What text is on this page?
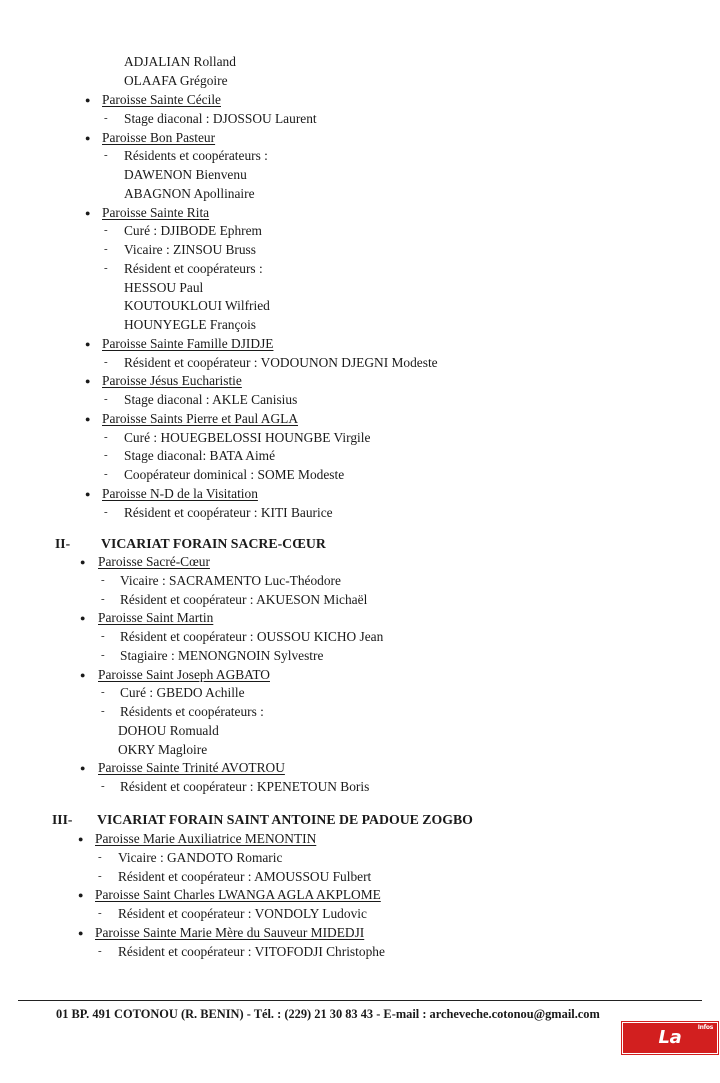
01 BP. 491 COTONOU (R. BENIN) - Tél. : (229) 21 30 83 43 - E-mail : archeveche.cotonou@gmail.com
La Tempête
Infos
ADJALIAN Rolland
OLAAFA Grégoire
● Paroisse Sainte Cécile
- Stage diaconal : DJOSSOU Laurent
● Paroisse Bon Pasteur
- Résidents et coopérateurs :
DAWENON Bienvenu
ABAGNON Apollinaire
● Paroisse Sainte Rita
- Curé : DJIBODE Ephrem
- Vicaire : ZINSOU Bruss
- Résident et coopérateurs :
HESSOU Paul
KOUTOUKLOUI Wilfried
HOUNYEGLE François
● Paroisse Sainte Famille DJIDJE
- Résident et coopérateur : VODOUNON DJEGNI Modeste
● Paroisse Jésus Eucharistie
- Stage diaconal : AKLE Canisius
● Paroisse Saints Pierre et Paul AGLA
- Curé : HOUEGBELOSSI HOUNGBE Virgile
- Stage diaconal: BATA Aimé
- Coopérateur dominical : SOME Modeste
● Paroisse N-D de la Visitation
- Résident et coopérateur : KITI Baurice
II- VICARIAT FORAIN SACRE-CŒUR
● Paroisse Sacré-Cœur
- Vicaire : SACRAMENTO Luc-Théodore
- Résident et coopérateur : AKUESON Michaël
● Paroisse Saint Martin
- Résident et coopérateur : OUSSOU KICHO Jean
- Stagiaire : MENONGNOIN Sylvestre
● Paroisse Saint Joseph AGBATO
- Curé : GBEDO Achille
- Résidents et coopérateurs :
DOHOU Romuald
OKRY Magloire
● Paroisse Sainte Trinité AVOTROU
- Résident et coopérateur : KPENETOUN Boris
III- VICARIAT FORAIN SAINT ANTOINE DE PADOUE ZOGBO
● Paroisse Marie Auxiliatrice MENONTIN
- Vicaire : GANDOTO Romaric
- Résident et coopérateur : AMOUSSOU Fulbert
● Paroisse Saint Charles LWANGA AGLA AKPLOME
- Résident et coopérateur : VONDOLY Ludovic
● Paroisse Sainte Marie Mère du Sauveur MIDEDJI
- Résident et coopérateur : VITOFODJI Christophe
